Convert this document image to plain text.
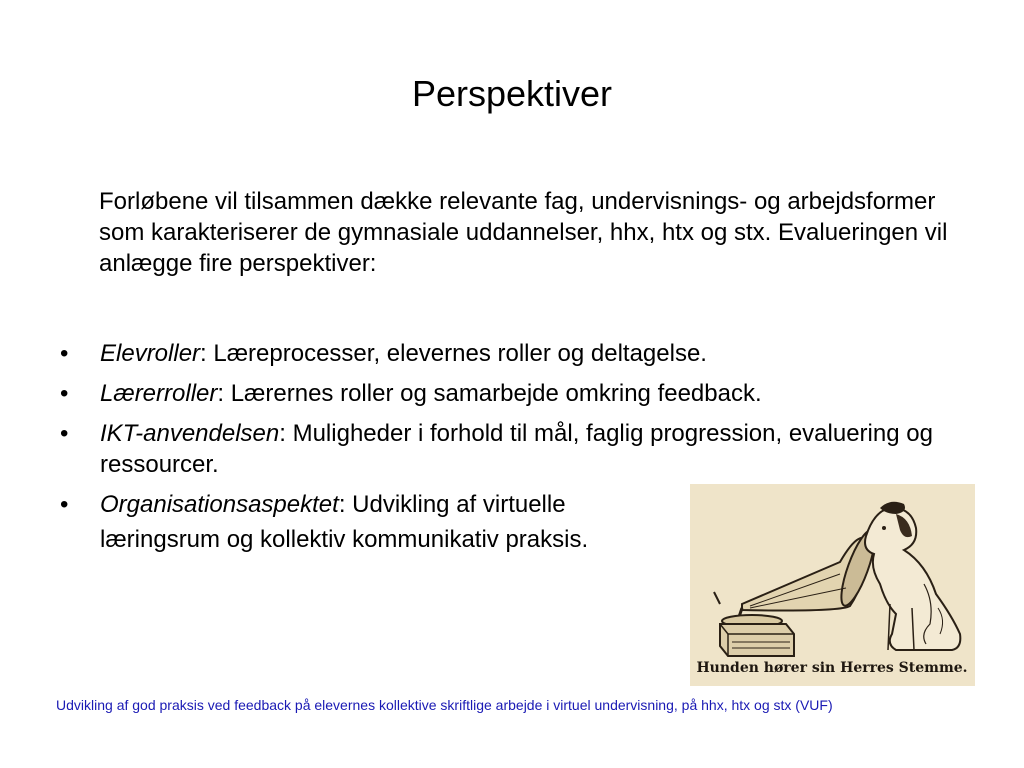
Perspektiver
Forløbene vil tilsammen dække relevante fag, undervisnings- og arbejdsformer som karakteriserer de gymnasiale uddannelser, hhx, htx og stx. Evalueringen vil anlægge fire perspektiver:
•	Elevroller: Læreprocesser, elevernes roller og deltagelse.
•	Lærerroller: Lærernes roller og samarbejde omkring feedback.
•	IKT-anvendelsen: Muligheder i forhold til mål, faglig progression, evaluering og ressourcer.
•	Organisationsaspektet: Udvikling af virtuelle
læringsrum og kollektiv kommunikativ praksis.
Hunden hører sin Herres Stemme.
Udvikling af god praksis ved feedback på elevernes kollektive skriftlige arbejde i virtuel undervisning, på hhx, htx og stx (VUF)
